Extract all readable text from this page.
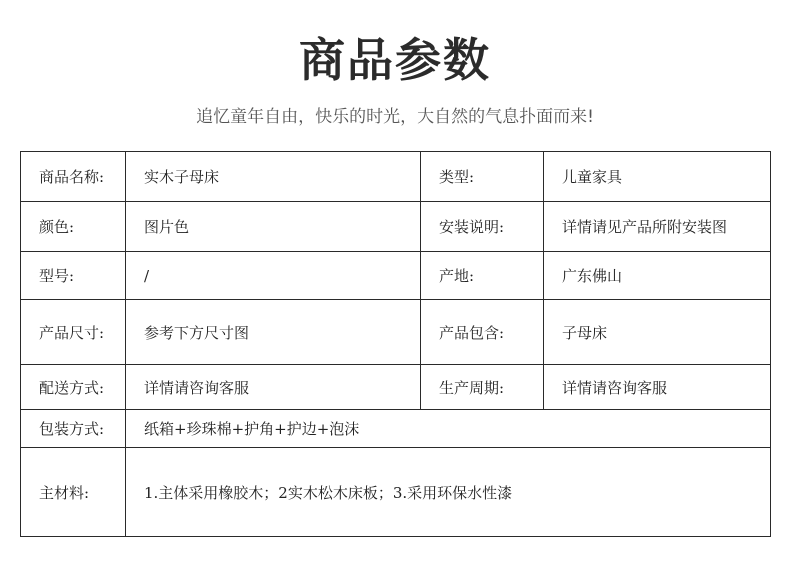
商品参数
追忆童年自由，快乐的时光，大自然的气息扑面而来!
商品名称:	实木子母床	类型:	儿童家具
颜色:	图片色	安装说明:	详情请见产品所附安装图
型号:	/	产地:	广东佛山
产品尺寸:	参考下方尺寸图	产品包含:	子母床
配送方式:	详情请咨询客服	生产周期:	详情请咨询客服
包装方式:	纸箱+珍珠棉+护角+护边+泡沫		
主材料:	1.主体采用橡胶木；2实木松木床板；3.采用环保水性漆		
